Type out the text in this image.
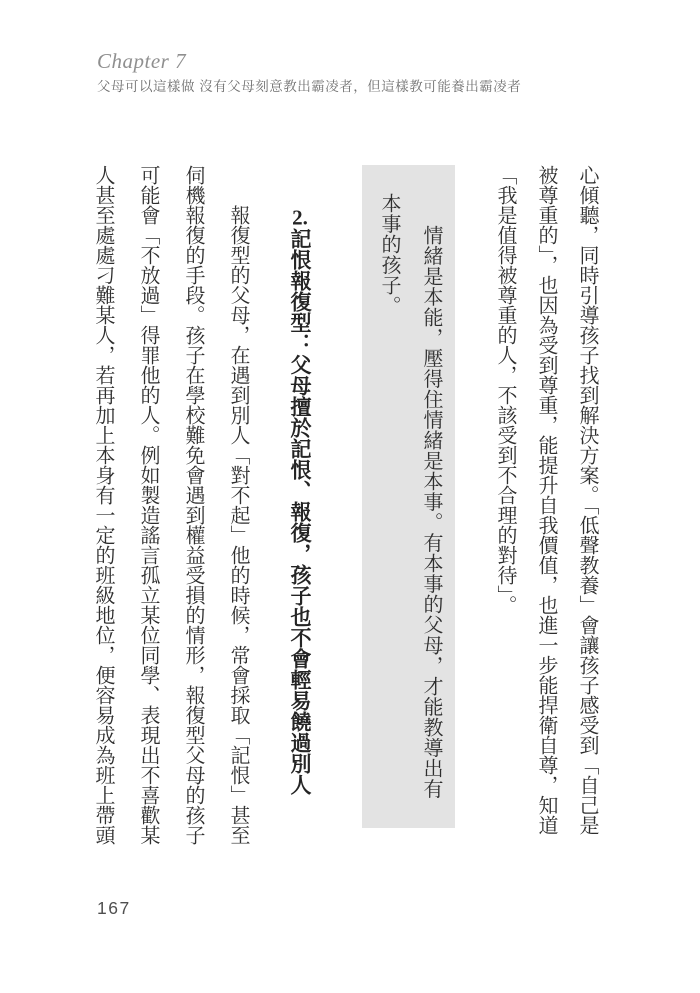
Chapter 7
父母可以這樣做 沒有父母刻意教出霸凌者，但這樣教可能養出霸凌者
心傾聽，同時引導孩子找到解決方案。「低聲教養」會讓孩子感受到「自己是
被尊重的」，也因為受到尊重，能提升自我價值，也進一步能捍衛自尊，知道
「我是值得被尊重的人，不該受到不合理的對待」。
情緒是本能，壓得住情緒是本事。有本事的父母，才能教導出有
本事的孩子。
2.記恨報復型：父母擅於記恨、報復，孩子也不會輕易饒過別人
報復型的父母，在遇到別人「對不起」他的時候，常會採取「記恨」甚至
伺機報復的手段。孩子在學校難免會遇到權益受損的情形，報復型父母的孩子
可能會「不放過」得罪他的人。例如製造謠言孤立某位同學、表現出不喜歡某
人甚至處處刁難某人，若再加上本身有一定的班級地位，便容易成為班上帶頭
167
